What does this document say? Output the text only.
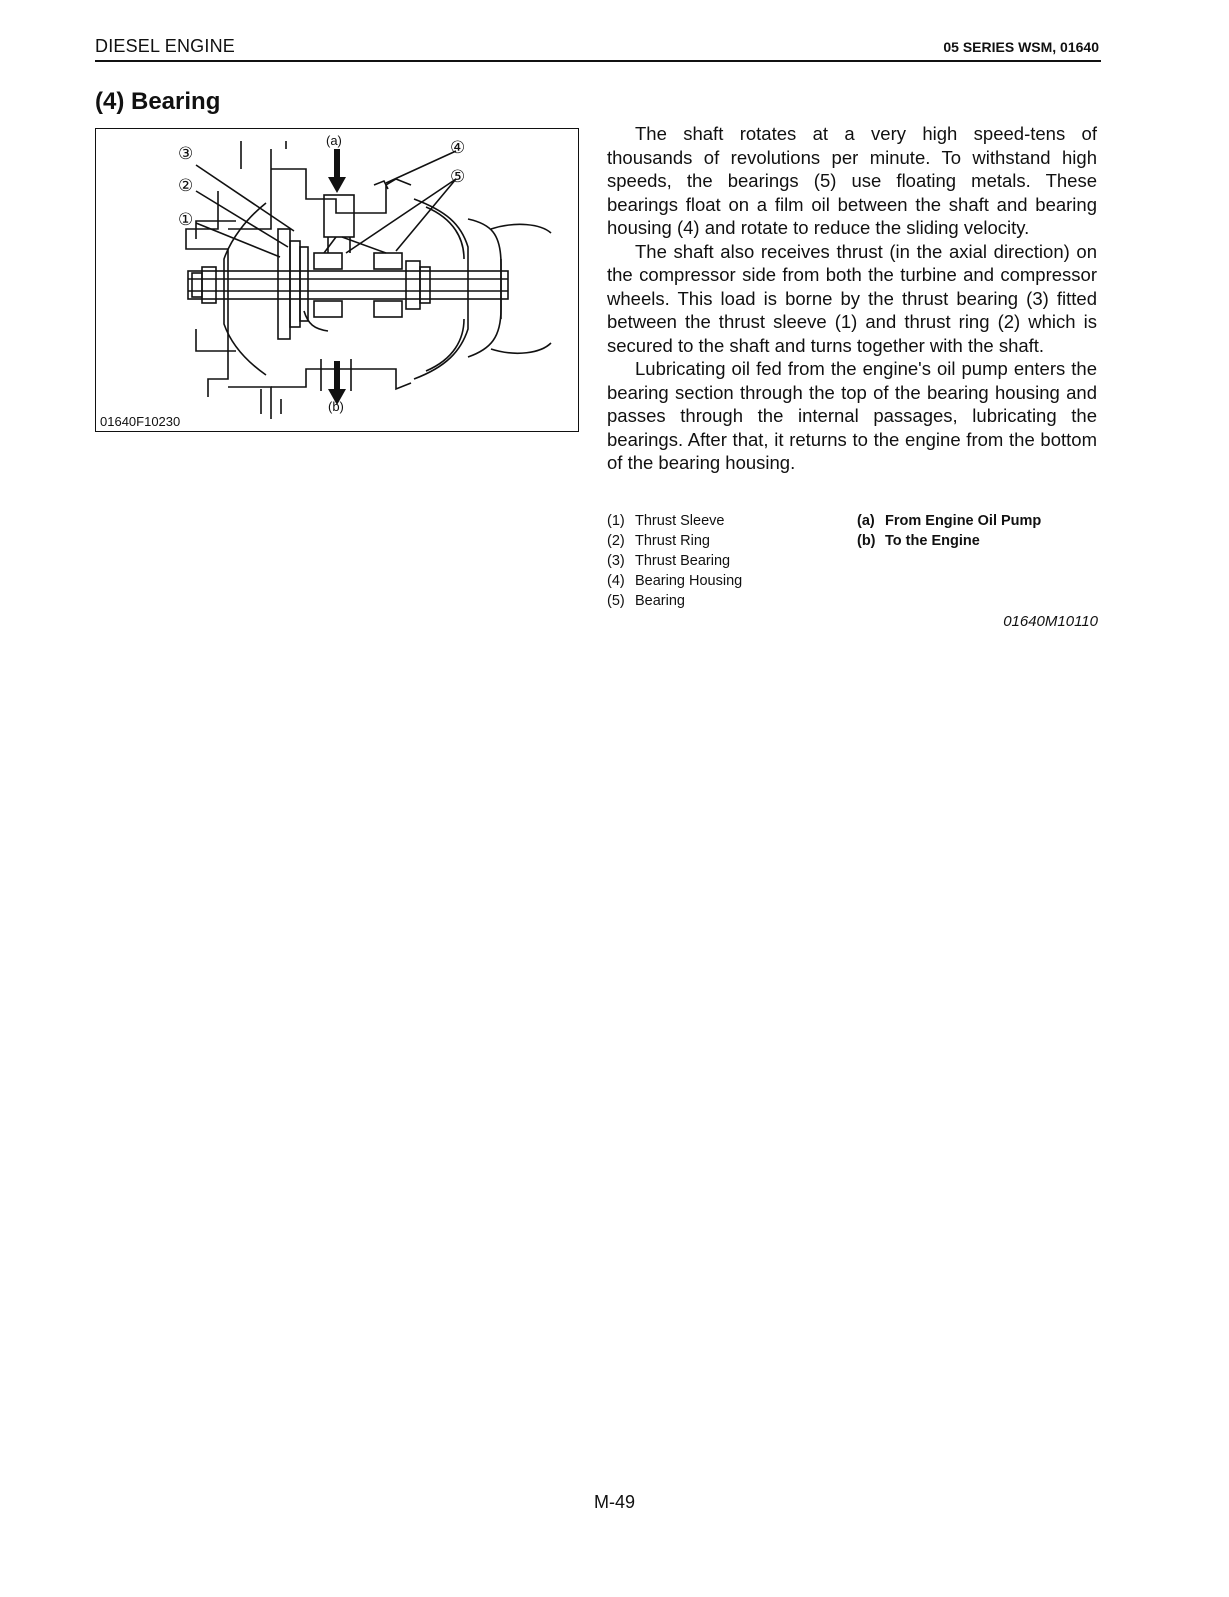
DIESEL ENGINE	05 SERIES WSM, 01640
(4) Bearing
③
②
①
④
⑤
(a)
(b)
01640F10230

The shaft rotates at a very high speed-tens of thousands of revolutions per minute. To withstand high speeds, the bearings (5) use floating metals. These bearings float on a film oil between the shaft and bearing housing (4) and rotate to reduce the sliding velocity.

The shaft also receives thrust (in the axial direction) on the compressor side from both the turbine and compressor wheels. This load is borne by the thrust bearing (3) fitted between the thrust sleeve (1) and thrust ring (2) which is secured to the shaft and turns together with the shaft.

Lubricating oil fed from the engine's oil pump enters the bearing section through the top of the bearing housing and passes through the internal passages, lubricating the bearings. After that, it returns to the engine from the bottom of the bearing housing.

(1) Thrust Sleeve
(2) Thrust Ring
(3) Thrust Bearing
(4) Bearing Housing
(5) Bearing
(a) From Engine Oil Pump
(b) To the Engine
01640M10110
M-49
